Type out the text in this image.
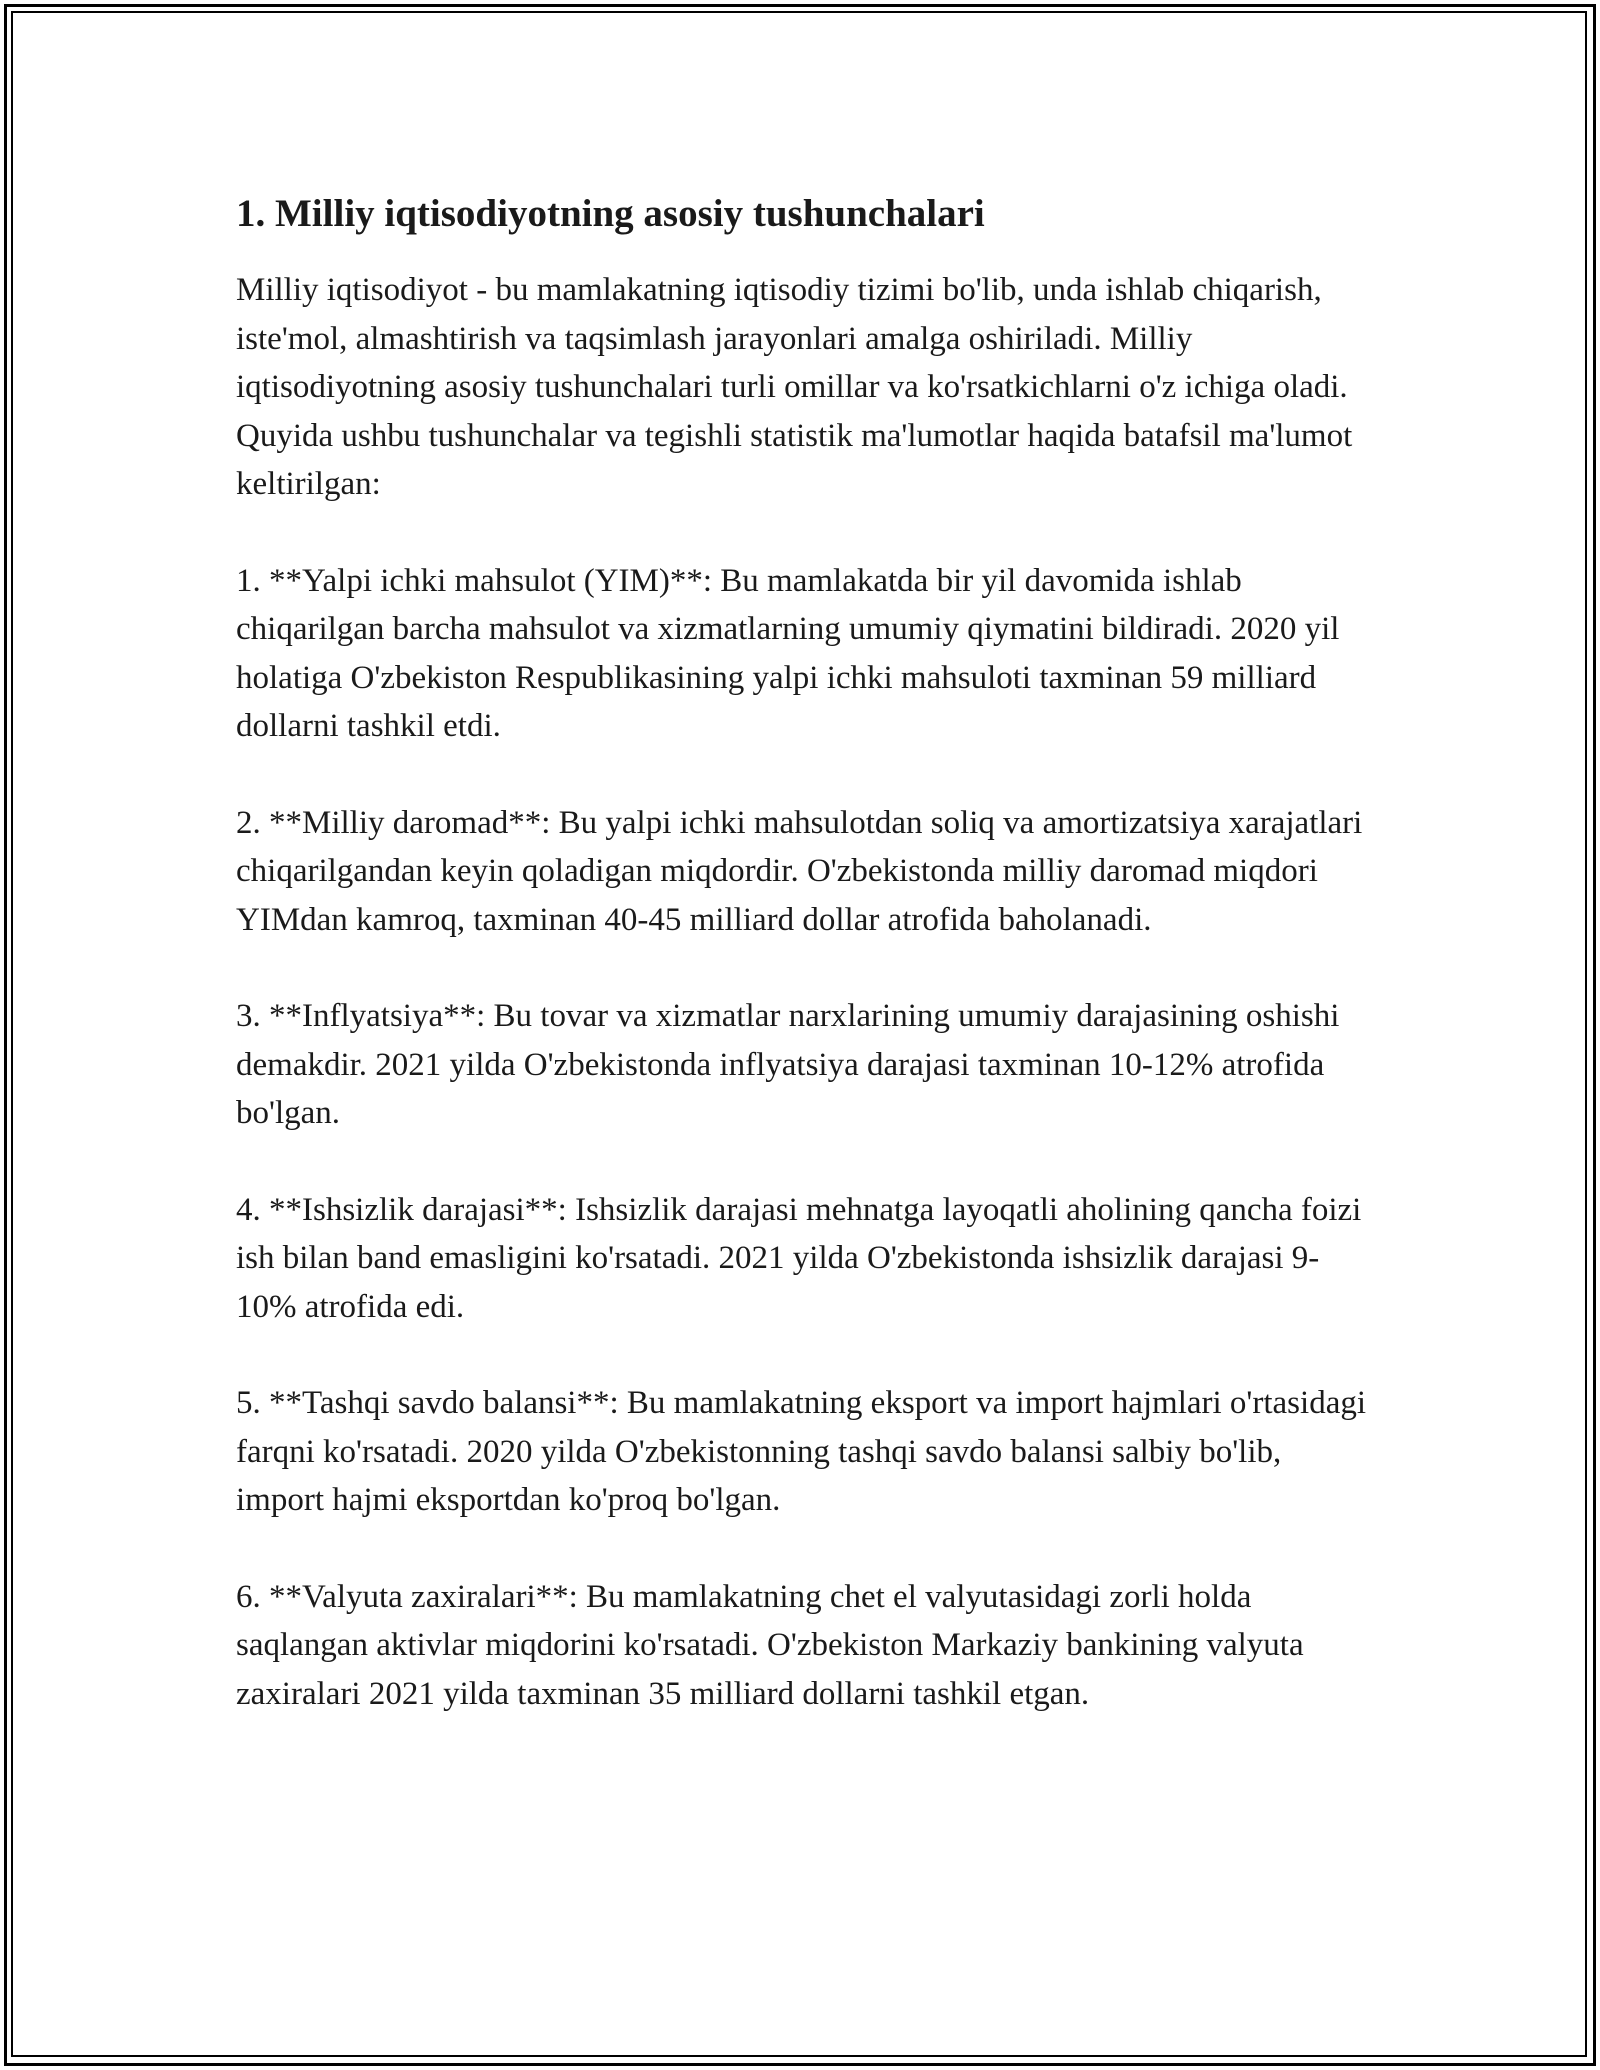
1. Milliy iqtisodiyotning asosiy tushunchalari

Milliy iqtisodiyot - bu mamlakatning iqtisodiy tizimi bo'lib, unda ishlab chiqarish, iste'mol, almashtirish va taqsimlash jarayonlari amalga oshiriladi. Milliy iqtisodiyotning asosiy tushunchalari turli omillar va ko'rsatkichlarni o'z ichiga oladi. Quyida ushbu tushunchalar va tegishli statistik ma'lumotlar haqida batafsil ma'lumot keltirilgan:

1. **Yalpi ichki mahsulot (YIM)**: Bu mamlakatda bir yil davomida ishlab chiqarilgan barcha mahsulot va xizmatlarning umumiy qiymatini bildiradi. 2020 yil holatiga O'zbekiston Respublikasining yalpi ichki mahsuloti taxminan 59 milliard dollarni tashkil etdi.

2. **Milliy daromad**: Bu yalpi ichki mahsulotdan soliq va amortizatsiya xarajatlari chiqarilgandan keyin qoladigan miqdordir. O'zbekistonda milliy daromad miqdori YIMdan kamroq, taxminan 40-45 milliard dollar atrofida baholanadi.

3. **Inflyatsiya**: Bu tovar va xizmatlar narxlarining umumiy darajasining oshishi demakdir. 2021 yilda O'zbekistonda inflyatsiya darajasi taxminan 10-12% atrofida bo'lgan.

4. **Ishsizlik darajasi**: Ishsizlik darajasi mehnatga layoqatli aholining qancha foizi ish bilan band emasligini ko'rsatadi. 2021 yilda O'zbekistonda ishsizlik darajasi 9-10% atrofida edi.

5. **Tashqi savdo balansi**: Bu mamlakatning eksport va import hajmlari o'rtasidagi farqni ko'rsatadi. 2020 yilda O'zbekistonning tashqi savdo balansi salbiy bo'lib, import hajmi eksportdan ko'proq bo'lgan.

6. **Valyuta zaxiralari**: Bu mamlakatning chet el valyutasidagi zorli holda saqlangan aktivlar miqdorini ko'rsatadi. O'zbekiston Markaziy bankining valyuta zaxiralari 2021 yilda taxminan 35 milliard dollarni tashkil etgan.
